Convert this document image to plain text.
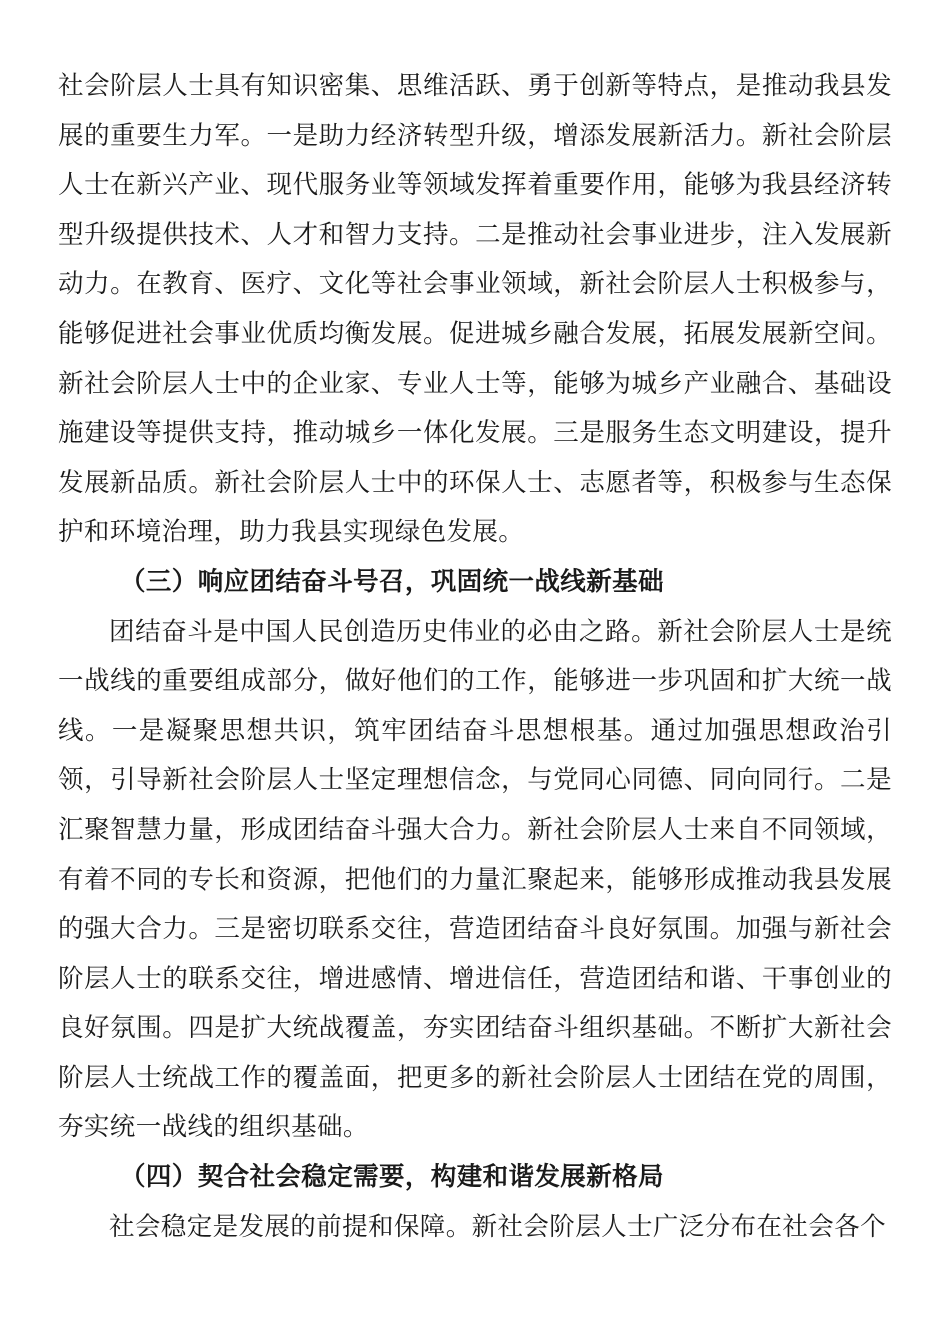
社会阶层人士具有知识密集、思维活跃、勇于创新等特点，是推动我县发展的重要生力军。一是助力经济转型升级，增添发展新活力。新社会阶层人士在新兴产业、现代服务业等领域发挥着重要作用，能够为我县经济转型升级提供技术、人才和智力支持。二是推动社会事业进步，注入发展新动力。在教育、医疗、文化等社会事业领域，新社会阶层人士积极参与，能够促进社会事业优质均衡发展。促进城乡融合发展，拓展发展新空间。新社会阶层人士中的企业家、专业人士等，能够为城乡产业融合、基础设施建设等提供支持，推动城乡一体化发展。三是服务生态文明建设，提升发展新品质。新社会阶层人士中的环保人士、志愿者等，积极参与生态保护和环境治理，助力我县实现绿色发展。

（三）响应团结奋斗号召，巩固统一战线新基础

团结奋斗是中国人民创造历史伟业的必由之路。新社会阶层人士是统一战线的重要组成部分，做好他们的工作，能够进一步巩固和扩大统一战线。一是凝聚思想共识，筑牢团结奋斗思想根基。通过加强思想政治引领，引导新社会阶层人士坚定理想信念，与党同心同德、同向同行。二是汇聚智慧力量，形成团结奋斗强大合力。新社会阶层人士来自不同领域，有着不同的专长和资源，把他们的力量汇聚起来，能够形成推动我县发展的强大合力。三是密切联系交往，营造团结奋斗良好氛围。加强与新社会阶层人士的联系交往，增进感情、增进信任，营造团结和谐、干事创业的良好氛围。四是扩大统战覆盖，夯实团结奋斗组织基础。不断扩大新社会阶层人士统战工作的覆盖面，把更多的新社会阶层人士团结在党的周围，夯实统一战线的组织基础。

（四）契合社会稳定需要，构建和谐发展新格局

社会稳定是发展的前提和保障。新社会阶层人士广泛分布在社会各个
